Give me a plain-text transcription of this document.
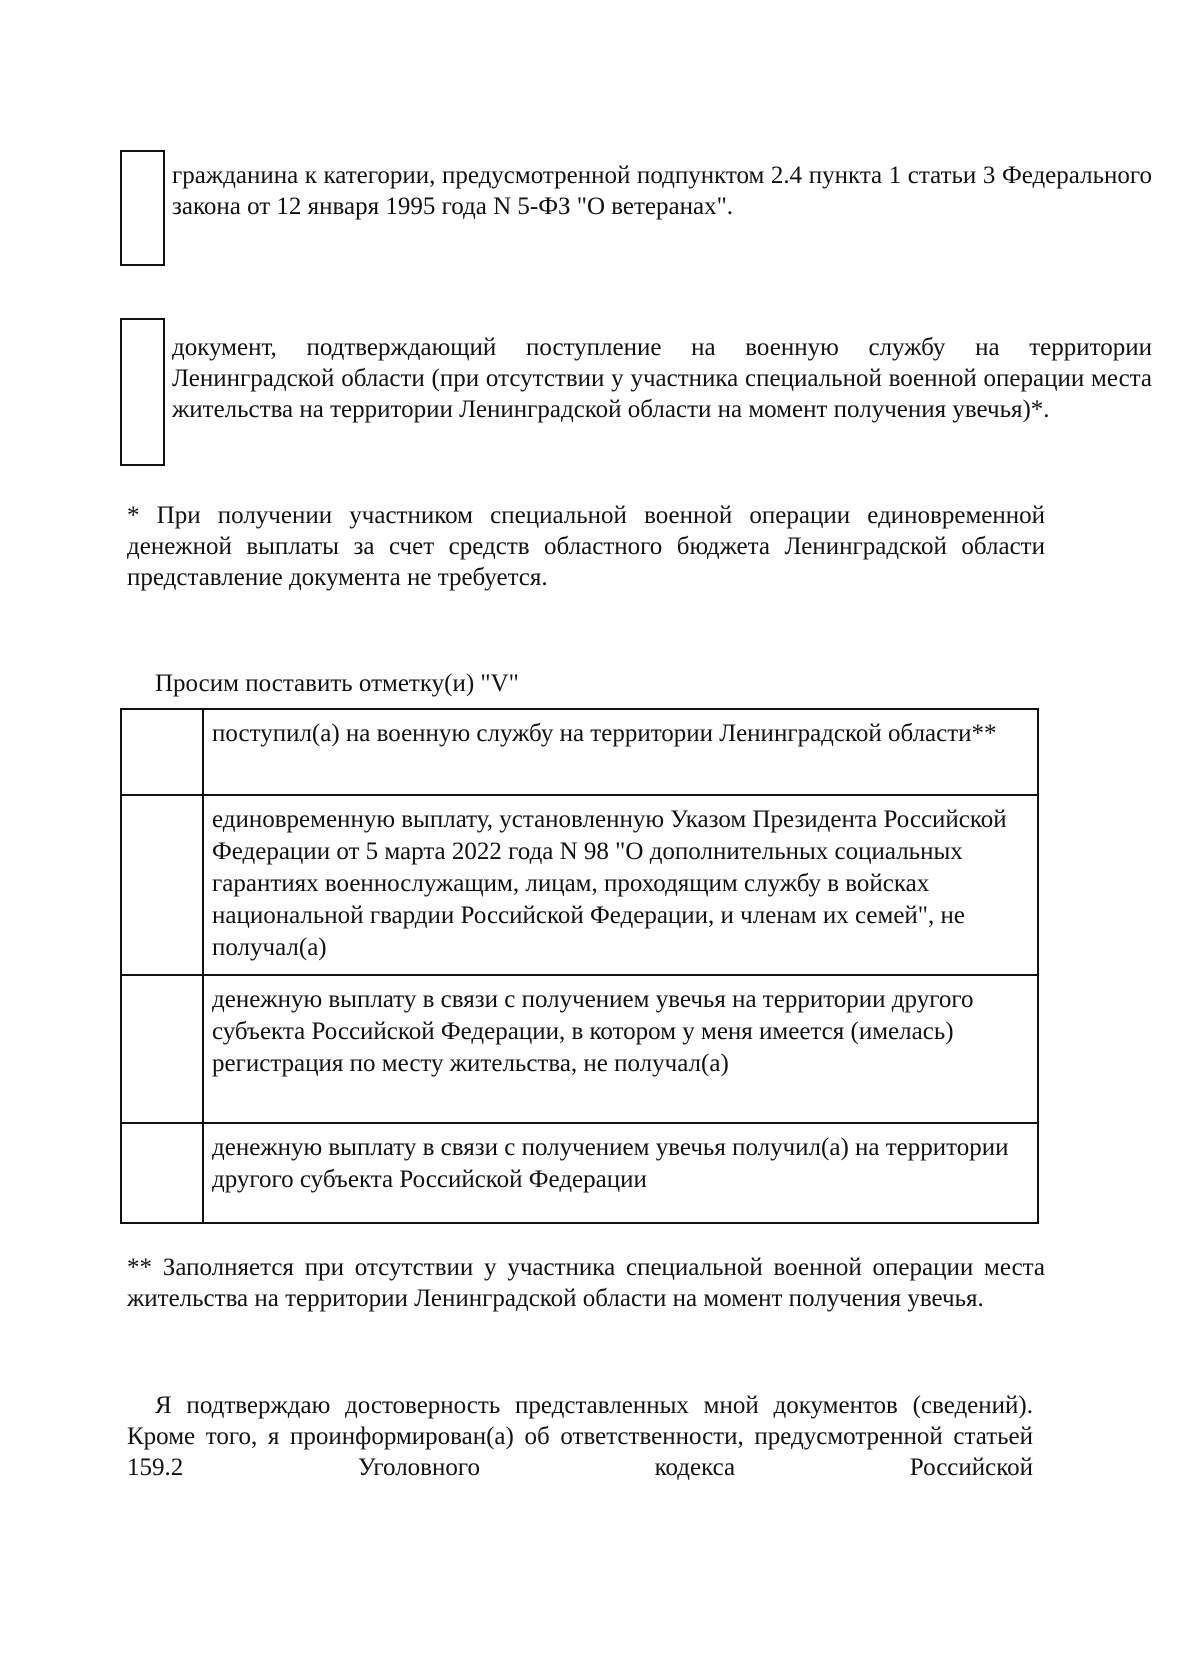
гражданина к категории, предусмотренной подпунктом 2.4 пункта 1 статьи 3 Федерального закона от 12 января 1995 года N 5-ФЗ "О ветеранах".
документ, подтверждающий поступление на военную службу на территории Ленинградской области (при отсутствии у участника специальной военной операции места жительства на территории Ленинградской области на момент получения увечья)*.
* При получении участником специальной военной операции единовременной денежной выплаты за счет средств областного бюджета Ленинградской области представление документа не требуется.
Просим поставить отметку(и) "V"
	поступил(а) на военную службу на территории Ленинградской области**
	единовременную выплату, установленную Указом Президента Российской Федерации от 5 марта 2022 года N 98 "О дополнительных социальных гарантиях военнослужащим, лицам, проходящим службу в войсках национальной гвардии Российской Федерации, и членам их семей", не получал(а)
	денежную выплату в связи с получением увечья на территории другого субъекта Российской Федерации, в котором у меня имеется (имелась) регистрация по месту жительства, не получал(а)
	денежную выплату в связи с получением увечья получил(а) на территории другого субъекта Российской Федерации
** Заполняется при отсутствии у участника специальной военной операции места жительства на территории Ленинградской области на момент получения увечья.
Я подтверждаю достоверность представленных мной документов (сведений). Кроме того, я проинформирован(а) об ответственности, предусмотренной статьей 159.2 Уголовного кодекса Российской
